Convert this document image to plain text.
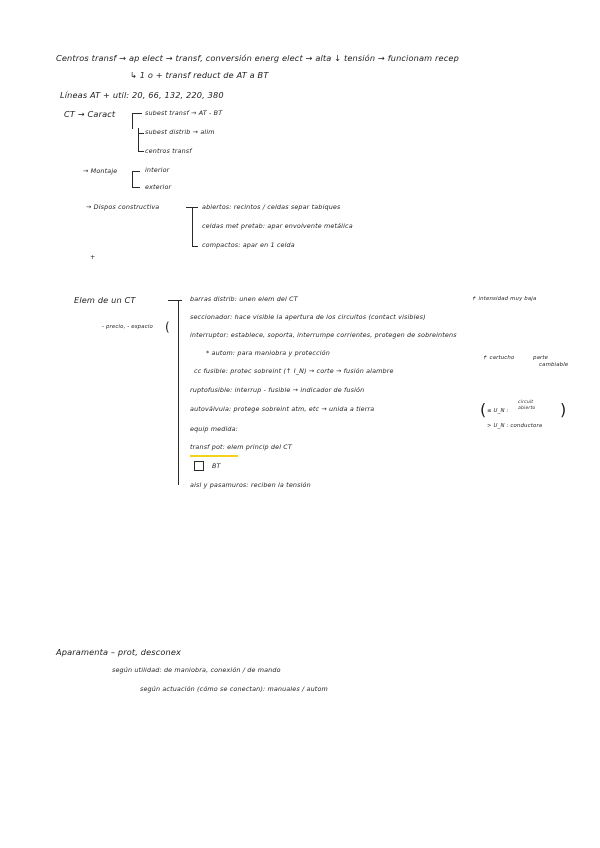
Centros transf → ap elect → transf, conversión energ elect → alta ↓ tensión → funcionam recep
↳ 1 o + transf reduct de AT a BT
Líneas AT + util: 20, 66, 132, 220, 380
CT → Caract	subest transf → AT - BT
subest distrib → alim
centros transf
→ Montaje	interior
exterior
→ Dispos constructiva	abiertos: recintos / celdas separ tabiques
celdas met pretab: apar envolvente metálica
compactos: apar en 1 celda
+
Elem de un CT
- precio, - espacio (
barras distrib: unen elem del CT	↱ intensidad muy baja
seccionador: hace visible la apertura de los circuitos (contact visibles)
interruptor: establece, soporta, interrumpe corrientes, protegen de sobreintens
* autom: para maniobra y protección
↱ cartucho	parte
cambiable
cc fusible: protec sobreint (↑ I_N) → corte → fusión alambre
ruptofusible: interrup - fusible → indicador de fusión
autoválvula: protege sobreint atm, etc → unida a tierra	( ≤ U_N :
circuit
abierto
> U_N : conductora
)
equip medida:
transf pot: elem princip del CT
BT
aisl y pasamuros: reciben la tensión
Aparamenta – prot, desconex
según utilidad: de maniobra, conexión / de mando
según actuación (cómo se conectan): manuales / autom
